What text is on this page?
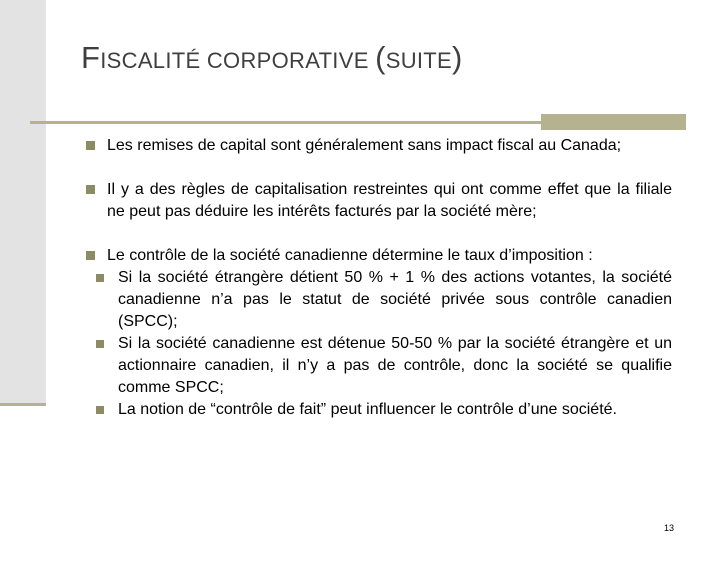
FISCALITÉ CORPORATIVE (SUITE)
Les remises de capital sont généralement sans impact fiscal au Canada;
Il y a des règles de capitalisation restreintes qui ont comme effet que la filiale ne peut pas déduire les intérêts facturés par la société mère;
Le contrôle de la société canadienne détermine le taux d’imposition :
Si la société étrangère détient 50 % + 1 % des actions votantes, la société canadienne n’a pas le statut de société privée sous contrôle canadien (SPCC);
Si la société canadienne est détenue 50-50 % par la société étrangère et un actionnaire canadien, il n’y a pas de contrôle, donc la société se qualifie comme SPCC;
La notion de “contrôle de fait” peut influencer le contrôle d’une société.
13
